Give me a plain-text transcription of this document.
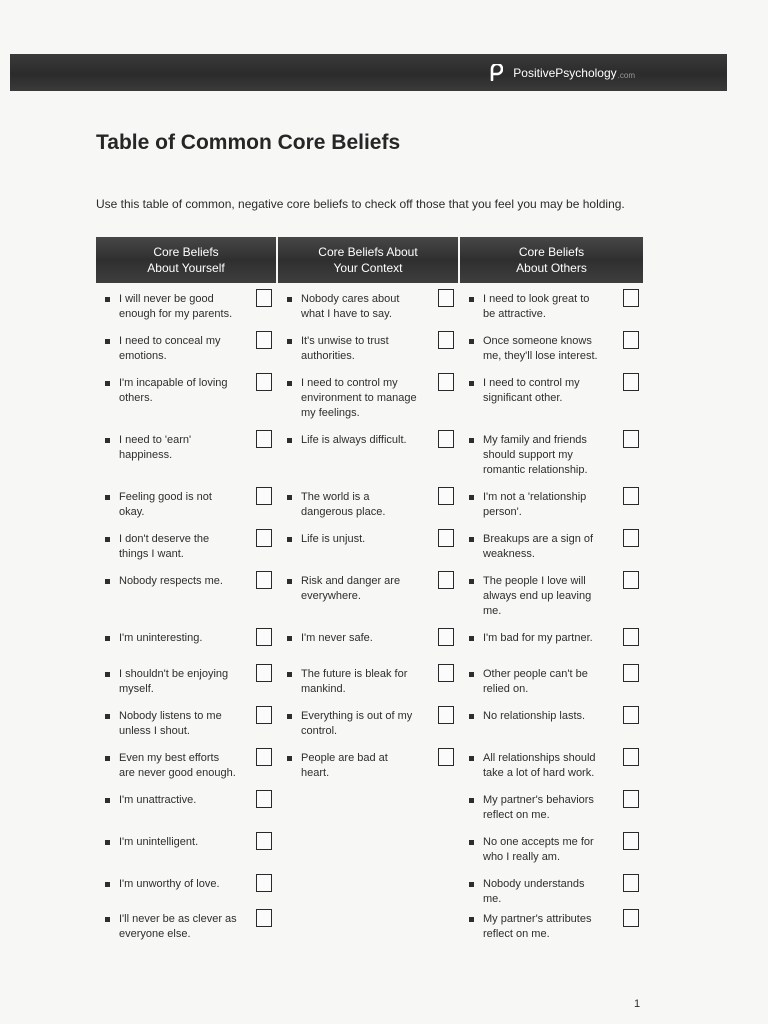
PositivePsychology.com
Table of Common Core Beliefs

Use this table of common, negative core beliefs to check off those that you feel you may be holding.

Core Beliefs
About Yourself
I will never be good enough for my parents.
I need to conceal my emotions.
I'm incapable of loving others.
I need to 'earn' happiness.
Feeling good is not okay.
I don't deserve the things I want.
Nobody respects me.
I'm uninteresting.
I shouldn't be enjoying myself.
Nobody listens to me unless I shout.
Even my best efforts are never good enough.
I'm unattractive.
I'm unintelligent.
I'm unworthy of love.
I'll never be as clever as everyone else.
Core Beliefs About
Your Context
Nobody cares about what I have to say.
It's unwise to trust authorities.
I need to control my environment to manage my feelings.
Life is always difficult.
The world is a dangerous place.
Life is unjust.
Risk and danger are everywhere.
I'm never safe.
The future is bleak for mankind.
Everything is out of my control.
People are bad at heart.
Core Beliefs
About Others
I need to look great to be attractive.
Once someone knows me, they'll lose interest.
I need to control my significant other.
My family and friends should support my romantic relationship.
I'm not a 'relationship person'.
Breakups are a sign of weakness.
The people I love will always end up leaving me.
I'm bad for my partner.
Other people can't be relied on.
No relationship lasts.
All relationships should take a lot of hard work.
My partner's behaviors reflect on me.
No one accepts me for who I really am.
Nobody understands me.
My partner's attributes reflect on me.
1
